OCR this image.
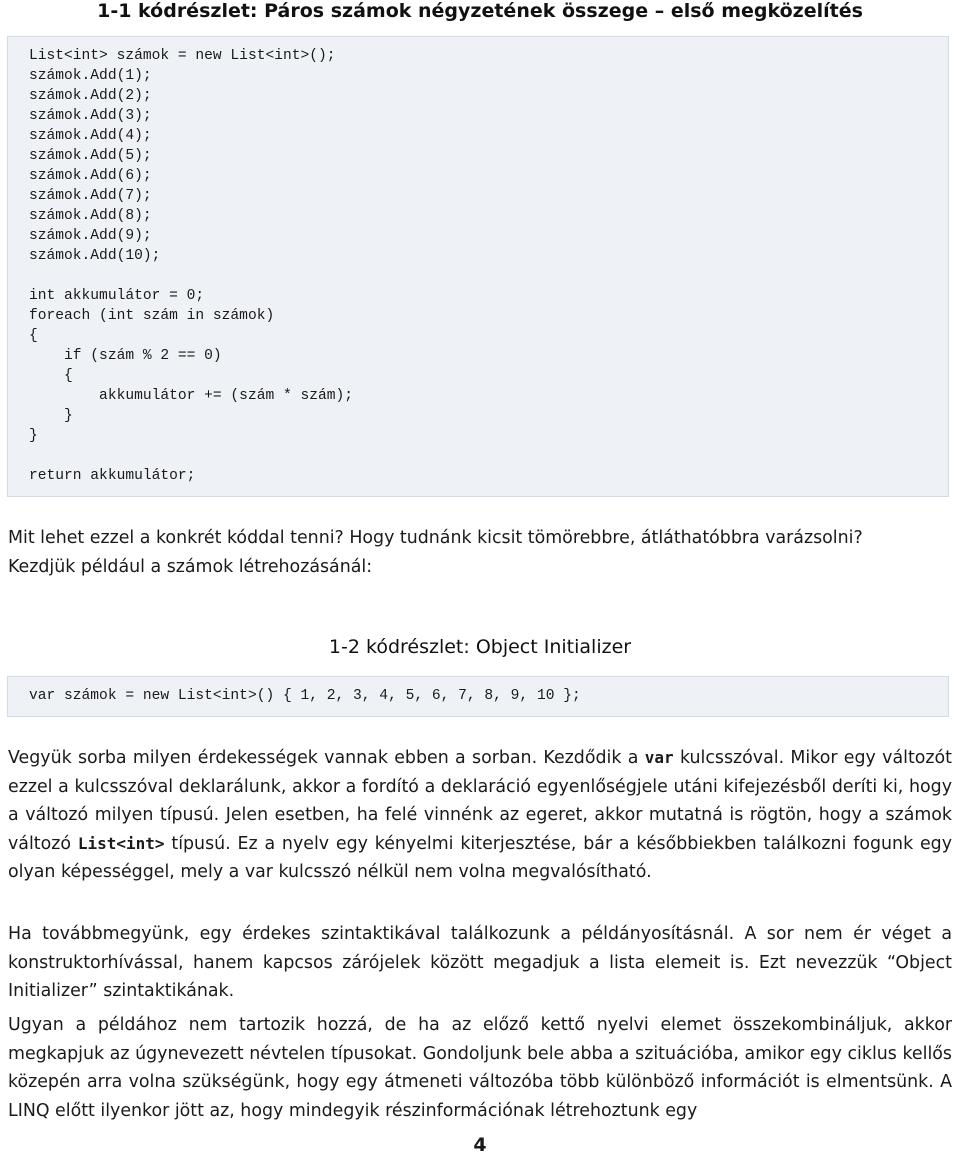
1-1 kódrészlet: Páros számok négyzetének összege – első megközelítés
List<int> számok = new List<int>();
számok.Add(1);
számok.Add(2);
számok.Add(3);
számok.Add(4);
számok.Add(5);
számok.Add(6);
számok.Add(7);
számok.Add(8);
számok.Add(9);
számok.Add(10);

int akkumulátor = 0;
foreach (int szám in számok)
{
if (szám % 2 == 0)
{
akkumulátor += (szám * szám);
}
}

return akkumulátor;
Mit lehet ezzel a konkrét kóddal tenni? Hogy tudnánk kicsit tömörebbre, átláthatóbbra varázsolni?
Kezdjük például a számok létrehozásánál:
1-2 kódrészlet: Object Initializer
var számok = new List<int>() { 1, 2, 3, 4, 5, 6, 7, 8, 9, 10 };

Vegyük sorba milyen érdekességek vannak ebben a sorban. Kezdődik a var kulcsszóval. Mikor egy változót ezzel a kulcsszóval deklarálunk, akkor a fordító a deklaráció egyenlőségjele utáni kifejezésből deríti ki, hogy a változó milyen típusú. Jelen esetben, ha felé vinnénk az egeret, akkor mutatná is rögtön, hogy a számok változó List<int> típusú. Ez a nyelv egy kényelmi kiterjesztése, bár a későbbiekben találkozni fogunk egy olyan képességgel, mely a var kulcsszó nélkül nem volna megvalósítható.

Ha továbbmegyünk, egy érdekes szintaktikával találkozunk a példányosításnál. A sor nem ér véget a konstruktorhívással, hanem kapcsos zárójelek között megadjuk a lista elemeit is. Ezt nevezzük “Object Initializer” szintaktikának.

Ugyan a példához nem tartozik hozzá, de ha az előző kettő nyelvi elemet összekombináljuk, akkor megkapjuk az úgynevezett névtelen típusokat. Gondoljunk bele abba a szituációba, amikor egy ciklus kellős közepén arra volna szükségünk, hogy egy átmeneti változóba több különböző információt is elmentsünk. A LINQ előtt ilyenkor jött az, hogy mindegyik részinformációnak létrehoztunk egy

4
